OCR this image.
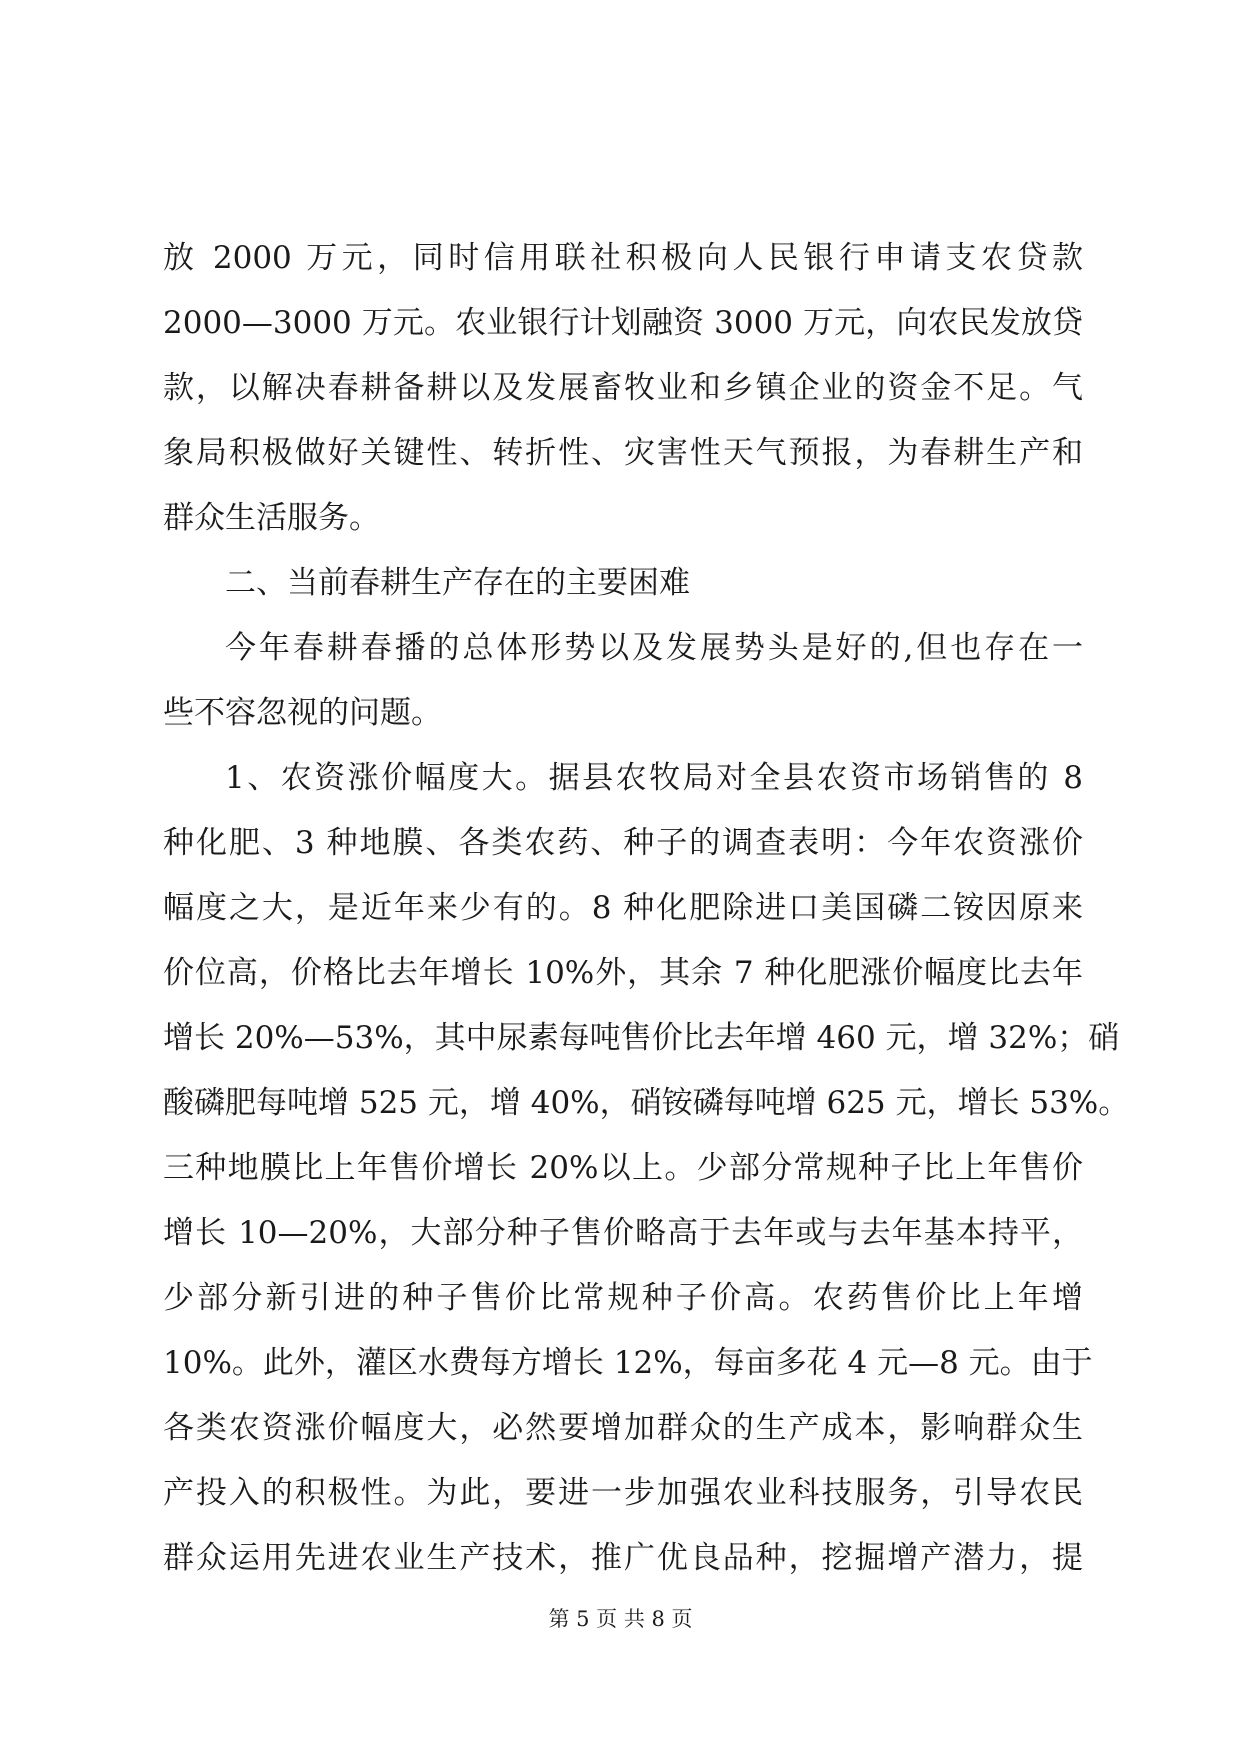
放 2000 万元，同时信用联社积极向人民银行申请支农贷款
2000—3000 万元。农业银行计划融资 3000 万元，向农民发放贷
款，以解决春耕备耕以及发展畜牧业和乡镇企业的资金不足。气
象局积极做好关键性、转折性、灾害性天气预报，为春耕生产和
群众生活服务。
二、当前春耕生产存在的主要困难
今年春耕春播的总体形势以及发展势头是好的,但也存在一
些不容忽视的问题。
1、农资涨价幅度大。据县农牧局对全县农资市场销售的 8
种化肥、3 种地膜、各类农药、种子的调查表明：今年农资涨价
幅度之大，是近年来少有的。8 种化肥除进口美国磷二铵因原来
价位高，价格比去年增长 10%外，其余 7 种化肥涨价幅度比去年
增长 20%—53%，其中尿素每吨售价比去年增 460 元，增 32%；硝
酸磷肥每吨增 525 元，增 40%，硝铵磷每吨增 625 元，增长 53%。
三种地膜比上年售价增长 20%以上。少部分常规种子比上年售价
增长 10—20%，大部分种子售价略高于去年或与去年基本持平，
少部分新引进的种子售价比常规种子价高。农药售价比上年增
10%。此外，灌区水费每方增长 12%，每亩多花 4 元—8 元。由于
各类农资涨价幅度大，必然要增加群众的生产成本，影响群众生
产投入的积极性。为此，要进一步加强农业科技服务，引导农民
群众运用先进农业生产技术，推广优良品种，挖掘增产潜力，提
第 5 页 共 8 页
